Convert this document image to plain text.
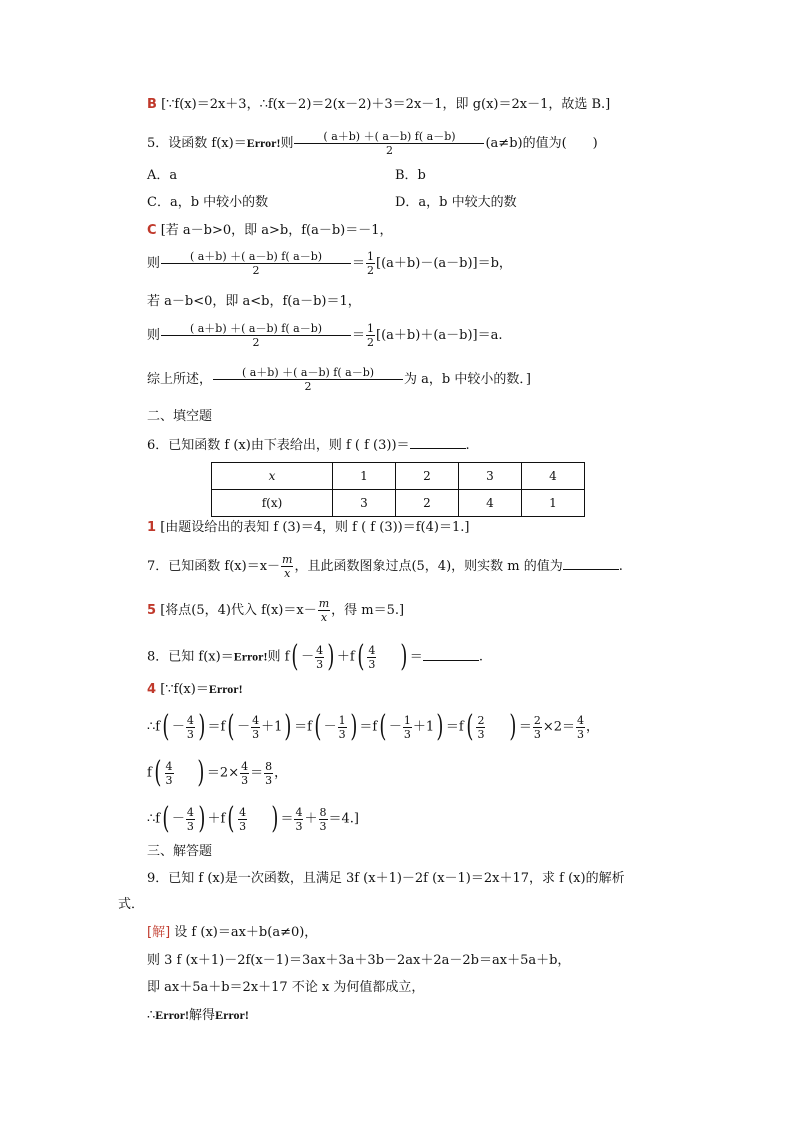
B [∵f(x)＝2x＋3，∴f(x－2)＝2(x－2)＋3＝2x－1，即 g(x)＝2x－1，故选 B.]
5．设函数 f(x)＝Error!则 $\frac{( a+b) +( a-b) f( a-b)}{2} (a\ne b)$的值为(　　)
A．a	B．b
C．a，b 中较小的数	D．a，b 中较大的数
C [若 a－b>0，即 a>b，f(a－b)＝－1，
则 $\frac{( a+b) +( a-b) f( a-b)}{2} = \frac{1}{2} [(a+b)-(a-b)]=b$，
若 a－b<0，即 a<b，f(a－b)＝1，
则 $\frac{( a+b) +( a-b) f( a-b)}{2} = \frac{1}{2} [(a+b)+(a-b)]=a$.
综上所述， $\frac{( a+b) +( a-b) f( a-b)}{2}$ 为 a，b 中较小的数．]
二、填空题
6．已知函数 f (x)由下表给出，则 f ( f (3))＝	.
x	1	2	3	4
f(x)	3	2	4	1
1 [由题设给出的表知 f (3)＝4，则 f ( f (3))＝f(4)＝1.]
7．已知函数 $f(x)=x- \frac{m}{x}$ ，且此函数图象过点(5，4)，则实数 m 的值为	.
5 [将点(5，4)代入 $f(x)=x- \frac{m}{x}$ ，得 m＝5.]
8．已知 f(x)＝Error!则 $f( - \frac{4}{3}$ ) $+f( \frac{4}{3}$ ) ＝	.
4 [∵f(x)＝Error!
∴f( － $\frac{4}{3}$ ) $=f( - \frac{4}{3} +1) =f( - \frac{1}{3}$ ) $=f( - \frac{1}{3} +1) =f( \frac{2}{3}$ ) ＝ $\frac{2}{3} \times 2= \frac{4}{3}$ ，
$f( \frac{4}{3}$ ) $=2\times \frac{4}{3} = \frac{8}{3}$ ，
∴f( － $\frac{4}{3}$ ) $+f( \frac{4}{3}$ ) ＝ $\frac{4}{3} + \frac{8}{3} =4$.]
三、解答题
9．已知 f (x)是一次函数，且满足 3f (x＋1)－2f (x－1)＝2x＋17，求 f (x)的解析
式．
[解] 设 f (x)＝ax＋b(a≠0)，
则 3 f (x＋1)－2f(x－1)＝3ax＋3a＋3b－2ax＋2a－2b＝ax＋5a＋b，
即 ax＋5a＋b＝2x＋17 不论 x 为何值都成立，
∴Error!解得Error!
